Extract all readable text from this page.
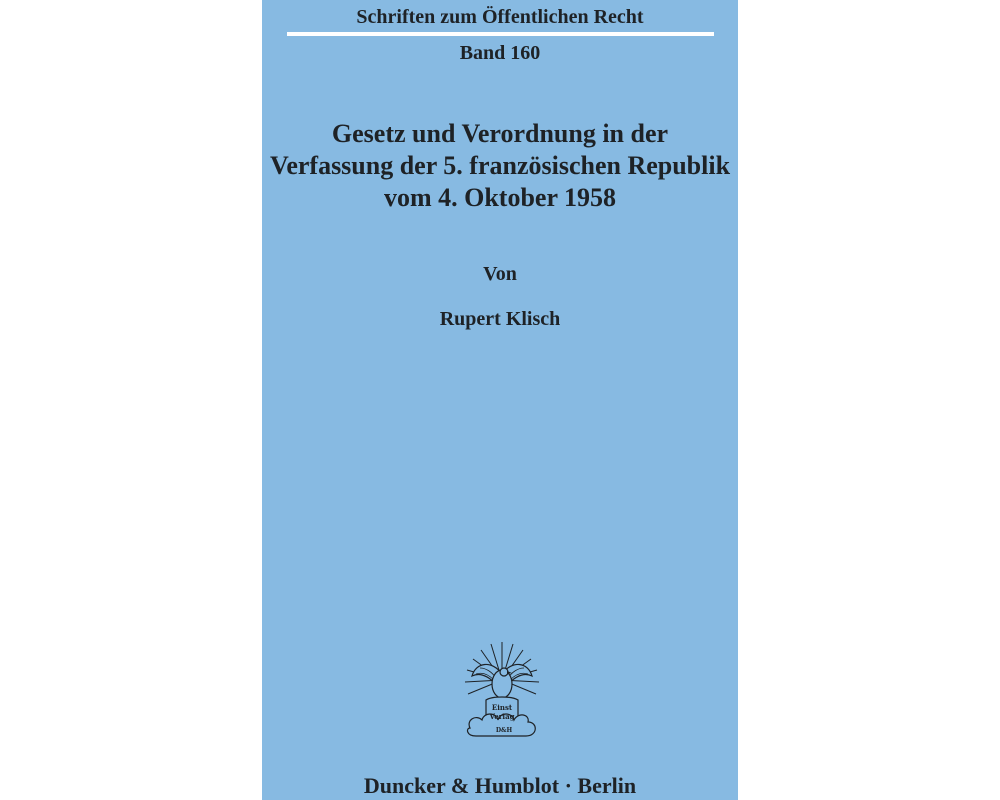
Schriften zum Öffentlichen Recht
Band 160
Gesetz und Verordnung in der
Verfassung der 5. französischen Republik
vom 4. Oktober 1958
Von
Rupert Klisch
Einst
Verlag
D&H
Duncker & Humblot · Berlin
